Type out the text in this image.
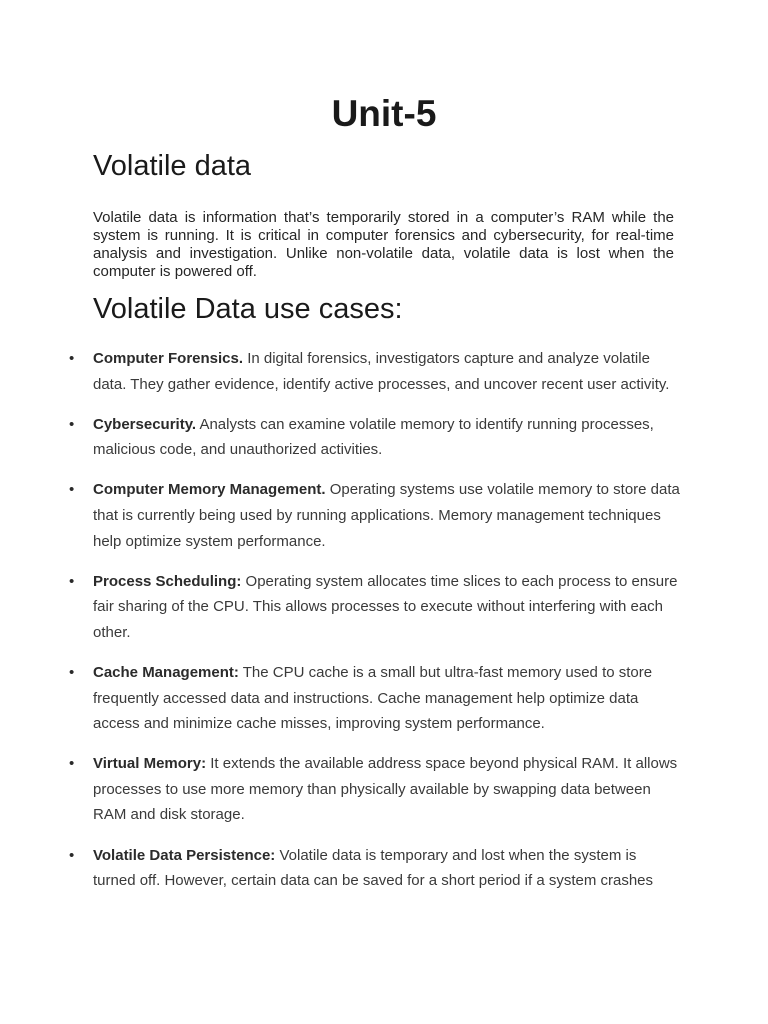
Unit-5
Volatile data

Volatile data is information that’s temporarily stored in a computer’s RAM while the system is running. It is critical in computer forensics and cybersecurity, for real-time analysis and investigation. Unlike non-volatile data, volatile data is lost when the computer is powered off.

Volatile Data use cases:
• Computer Forensics. In digital forensics, investigators capture and analyze volatile data. They gather evidence, identify active processes, and uncover recent user activity.
• Cybersecurity. Analysts can examine volatile memory to identify running processes, malicious code, and unauthorized activities.
• Computer Memory Management. Operating systems use volatile memory to store data that is currently being used by running applications. Memory management techniques help optimize system performance.
• Process Scheduling: Operating system allocates time slices to each process to ensure fair sharing of the CPU. This allows processes to execute without interfering with each other.
• Cache Management: The CPU cache is a small but ultra-fast memory used to store frequently accessed data and instructions. Cache management help optimize data access and minimize cache misses, improving system performance.
• Virtual Memory: It extends the available address space beyond physical RAM. It allows processes to use more memory than physically available by swapping data between RAM and disk storage.
• Volatile Data Persistence: Volatile data is temporary and lost when the system is turned off. However, certain data can be saved for a short period if a system crashes
